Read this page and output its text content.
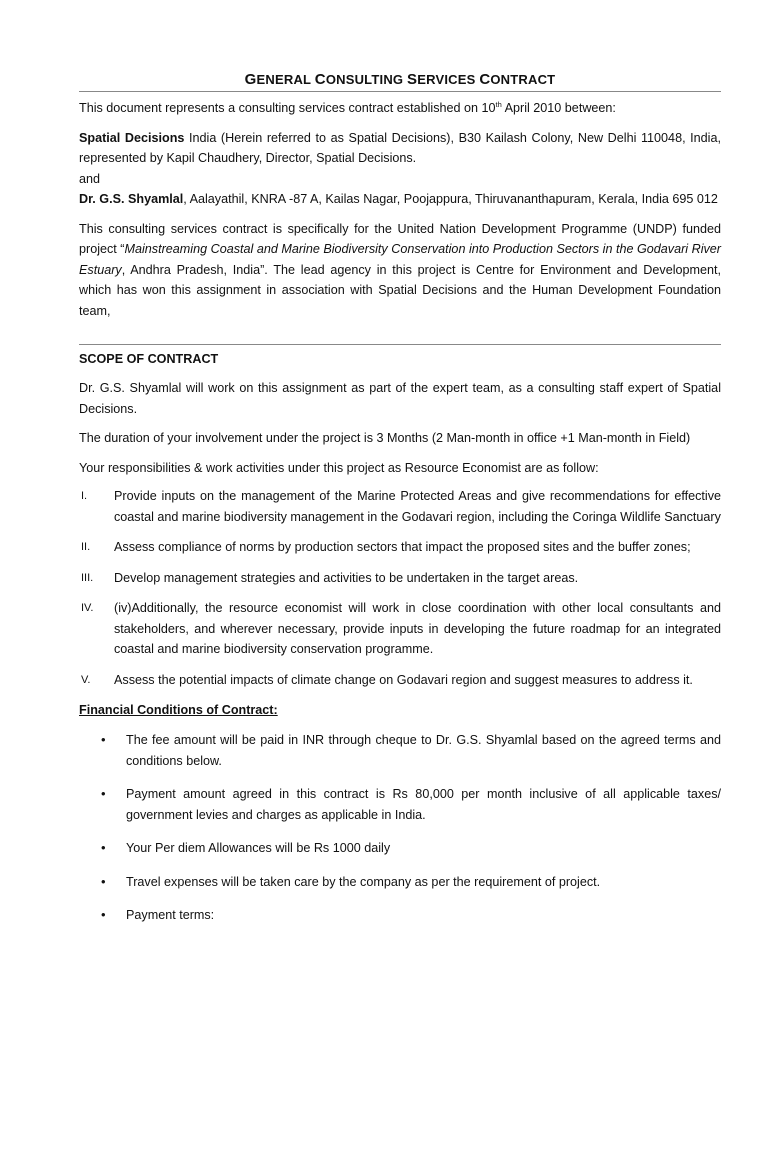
GENERAL CONSULTING SERVICES CONTRACT

This document represents a consulting services contract established on 10th April 2010 between:

Spatial Decisions India (Herein referred to as Spatial Decisions), B30 Kailash Colony, New Delhi 110048, India, represented by Kapil Chaudhery, Director, Spatial Decisions.

and

Dr. G.S. Shyamlal, Aalayathil, KNRA -87 A, Kailas Nagar, Poojappura, Thiruvananthapuram, Kerala, India 695 012

This consulting services contract is specifically for the United Nation Development Programme (UNDP) funded project “Mainstreaming Coastal and Marine Biodiversity Conservation into Production Sectors in the Godavari River Estuary, Andhra Pradesh, India”. The lead agency in this project is Centre for Environment and Development, which has won this assignment in association with Spatial Decisions and the Human Development Foundation team,

SCOPE OF CONTRACT

Dr. G.S. Shyamlal will work on this assignment as part of the expert team, as a consulting staff expert of Spatial Decisions.

The duration of your involvement under the project is 3 Months (2 Man-month in office +1 Man-month in Field)

Your responsibilities & work activities under this project as Resource Economist are as follow:

I.	Provide inputs on the management of the Marine Protected Areas and give recommendations for effective coastal and marine biodiversity management in the Godavari region, including the Coringa Wildlife Sanctuary
II.	Assess compliance of norms by production sectors that impact the proposed sites and the buffer zones;
III.	Develop management strategies and activities to be undertaken in the target areas.
IV.	(iv)Additionally, the resource economist will work in close coordination with other local consultants and stakeholders, and wherever necessary, provide inputs in developing the future roadmap for an integrated coastal and marine biodiversity conservation programme.
V.	Assess the potential impacts of climate change on Godavari region and suggest measures to address it.
Financial Conditions of Contract:
•	The fee amount will be paid in INR through cheque to Dr. G.S. Shyamlal based on the agreed terms and conditions below.
•	Payment amount agreed in this contract is Rs 80,000 per month inclusive of all applicable taxes/ government levies and charges as applicable in India.
•	Your Per diem Allowances will be Rs 1000 daily
•	Travel expenses will be taken care by the company as per the requirement of project.
•	Payment terms:
